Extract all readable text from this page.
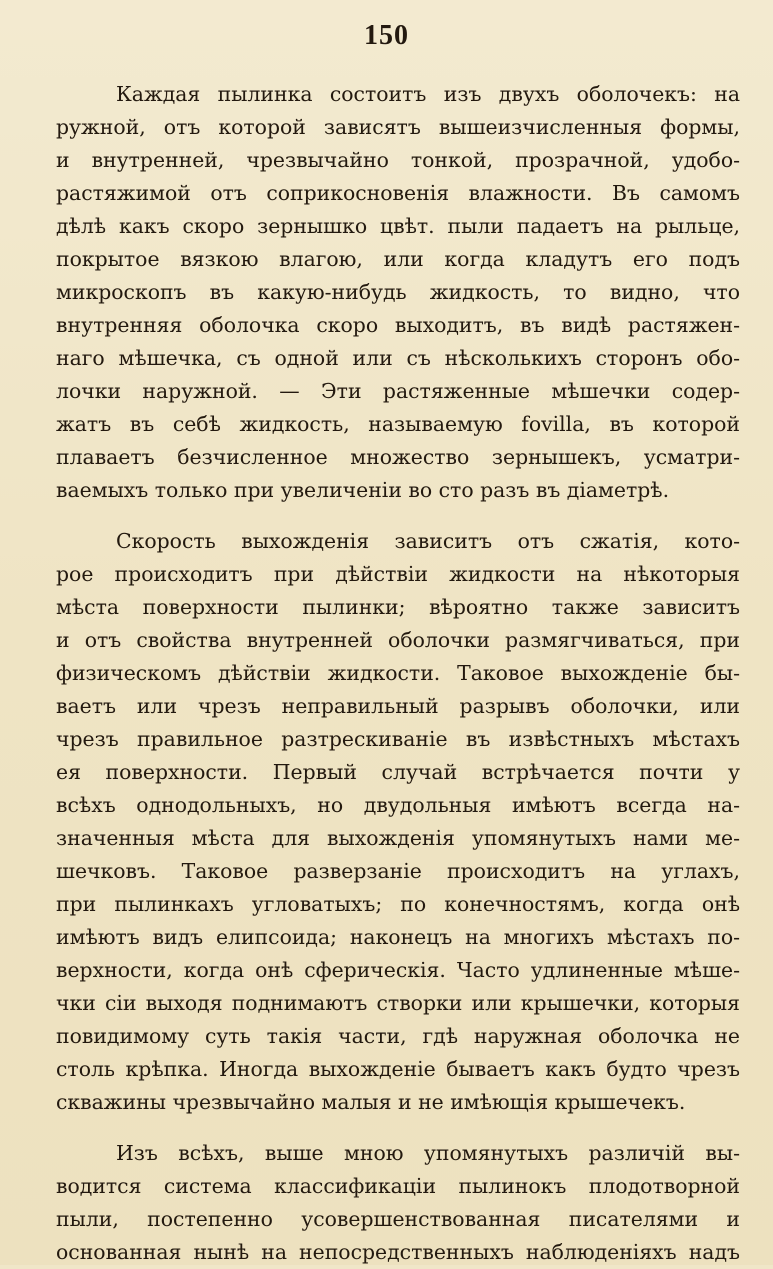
150

Каждая пылинка состоитъ изъ двухъ оболочекъ: на
ружной, отъ которой зависятъ вышеизчисленныя формы,
и внутренней, чрезвычайно тонкой, прозрачной, удобо-
растяжимой отъ соприкосновенія влажности. Въ самомъ
дѣлѣ какъ скоро зернышко цвѣт. пыли падаетъ на рыльце,
покрытое вязкою влагою, или когда кладутъ его подъ
микроскопъ въ какую-нибудь жидкость, то видно, что
внутренняя оболочка скоро выходитъ, въ видѣ растяжен-
наго мѣшечка, съ одной или съ нѣсколькихъ сторонъ обо-
лочки наружной. — Эти растяженные мѣшечки содер-
жатъ въ себѣ жидкость, называемую fovilla, въ которой
плаваетъ безчисленное множество зернышекъ, усматри-
ваемыхъ только при увеличеніи во сто разъ въ діаметрѣ.

Скорость выхожденія зависитъ отъ сжатія, кото-
рое происходитъ при дѣйствіи жидкости на нѣкоторыя
мѣста поверхности пылинки; вѣроятно также зависитъ
и отъ свойства внутренней оболочки размягчиваться, при
физическомъ дѣйствіи жидкости. Таковое выхожденіе бы-
ваетъ или чрезъ неправильный разрывъ оболочки, или
чрезъ правильное разтрескиваніе въ извѣстныхъ мѣстахъ
ея поверхности. Первый случай встрѣчается почти у
всѣхъ однодольныхъ, но двудольныя имѣютъ всегда на-
значенныя мѣста для выхожденія упомянутыхъ нами ме-
шечковъ. Таковое разверзаніе происходитъ на углахъ,
при пылинкахъ угловатыхъ; по конечностямъ, когда онѣ
имѣютъ видъ елипсоида; наконецъ на многихъ мѣстахъ по-
верхности, когда онѣ сферическія. Часто удлиненные мѣше-
чки сіи выходя поднимаютъ створки или крышечки, которыя
повидимому суть такія части, гдѣ наружная оболочка не
столь крѣпка. Иногда выхожденіе бываетъ какъ будто чрезъ
скважины чрезвычайно малыя и не имѣющія крышечекъ.

Изъ всѣхъ, выше мною упомянутыхъ различій вы-
водится система классификаціи пылинокъ плодотворной
пыли, постепенно усовершенствованная писателями и
основанная нынѣ на непосредственныхъ наблюденіяхъ надъ
